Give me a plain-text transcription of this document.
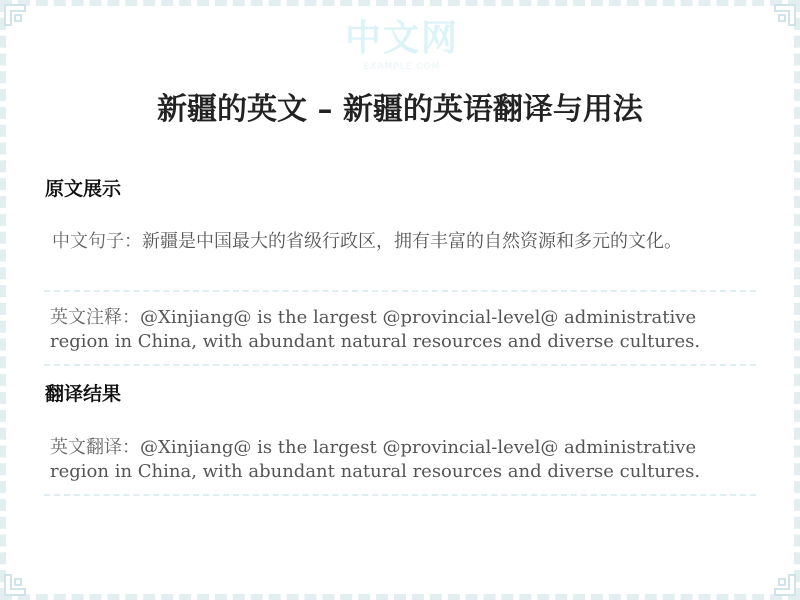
中文网
EXAMPLE.COM
新疆的英文 – 新疆的英语翻译与用法
原文展示
中文句子：新疆是中国最大的省级行政区，拥有丰富的自然资源和多元的文化。
英文注释：@Xinjiang@ is the largest @provincial-level@ administrative region in China, with abundant natural resources and diverse cultures.
翻译结果
英文翻译：@Xinjiang@ is the largest @provincial-level@ administrative region in China, with abundant natural resources and diverse cultures.
